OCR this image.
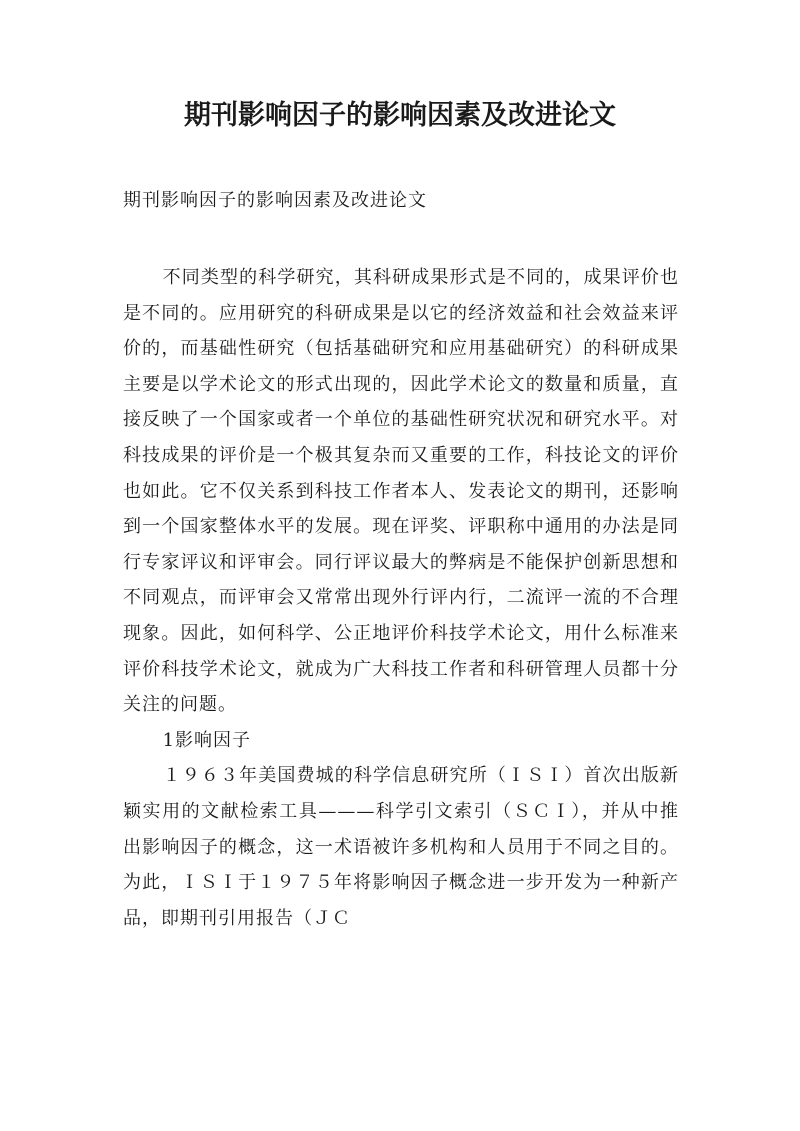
期刊影响因子的影响因素及改进论文

期刊影响因子的影响因素及改进论文

不同类型的科学研究，其科研成果形式是不同的，成果评价也是不同的。应用研究的科研成果是以它的经济效益和社会效益来评价的，而基础性研究（包括基础研究和应用基础研究）的科研成果主要是以学术论文的形式出现的，因此学术论文的数量和质量，直接反映了一个国家或者一个单位的基础性研究状况和研究水平。对科技成果的评价是一个极其复杂而又重要的工作，科技论文的评价也如此。它不仅关系到科技工作者本人、发表论文的期刊，还影响到一个国家整体水平的发展。现在评奖、评职称中通用的办法是同行专家评议和评审会。同行评议最大的弊病是不能保护创新思想和不同观点，而评审会又常常出现外行评内行，二流评一流的不合理现象。因此，如何科学、公正地评价科技学术论文，用什么标准来评价科技学术论文，就成为广大科技工作者和科研管理人员都十分关注的问题。

1影响因子

１９６３年美国费城的科学信息研究所（ＩＳＩ）首次出版新颖实用的文献检索工具———科学引文索引（ＳＣＩ），并从中推出影响因子的概念，这一术语被许多机构和人员用于不同之目的。为此，ＩＳＩ于１９７５年将影响因子概念进一步开发为一种新产品，即期刊引用报告（ＪＣ
